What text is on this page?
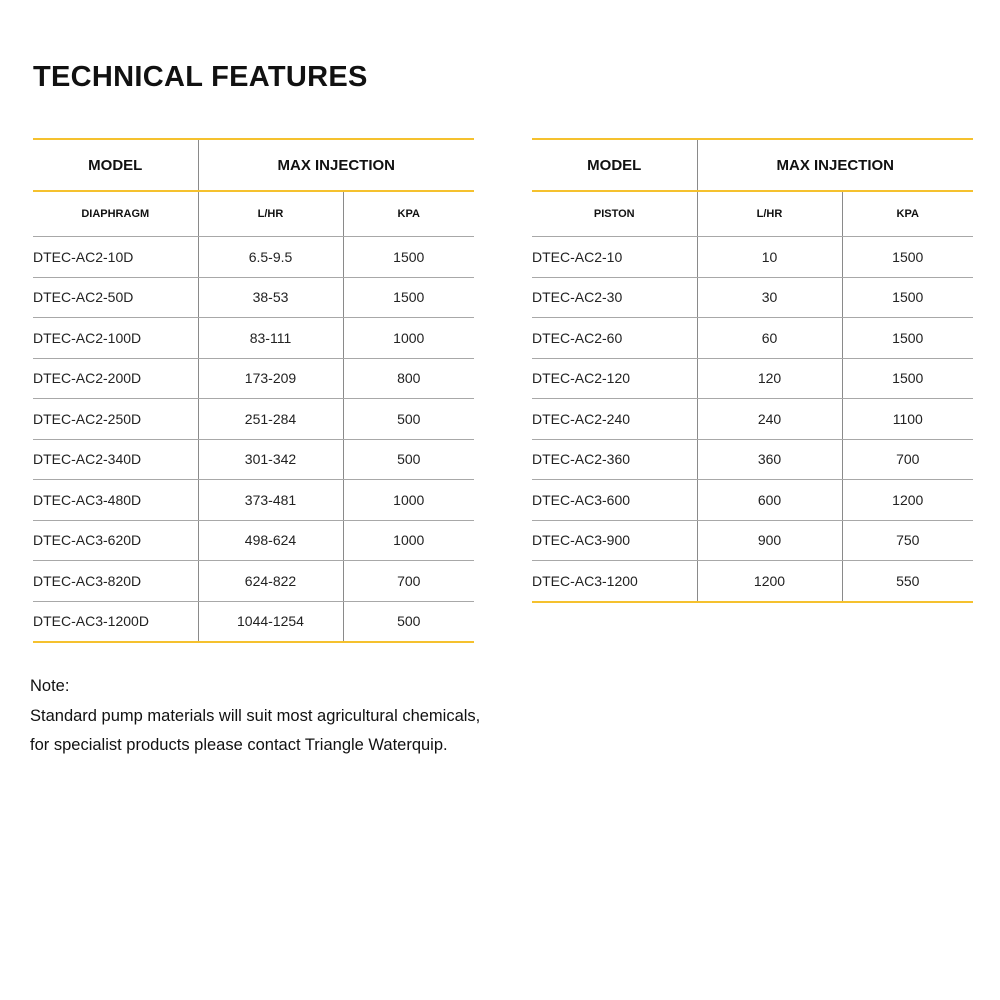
TECHNICAL FEATURES
MODEL	MAX INJECTION	
DIAPHRAGM	L/HR	KPA
DTEC-AC2-10D	6.5-9.5	1500
DTEC-AC2-50D	38-53	1500
DTEC-AC2-100D	83-111	1000
DTEC-AC2-200D	173-209	800
DTEC-AC2-250D	251-284	500
DTEC-AC2-340D	301-342	500
DTEC-AC3-480D	373-481	1000
DTEC-AC3-620D	498-624	1000
DTEC-AC3-820D	624-822	700
DTEC-AC3-1200D	1044-1254	500
MODEL	MAX INJECTION	
PISTON	L/HR	KPA
DTEC-AC2-10	10	1500
DTEC-AC2-30	30	1500
DTEC-AC2-60	60	1500
DTEC-AC2-120	120	1500
DTEC-AC2-240	240	1100
DTEC-AC2-360	360	700
DTEC-AC3-600	600	1200
DTEC-AC3-900	900	750
DTEC-AC3-1200	1200	550

Note:

Standard pump materials will suit most agricultural chemicals,

for specialist products please contact Triangle Waterquip.
